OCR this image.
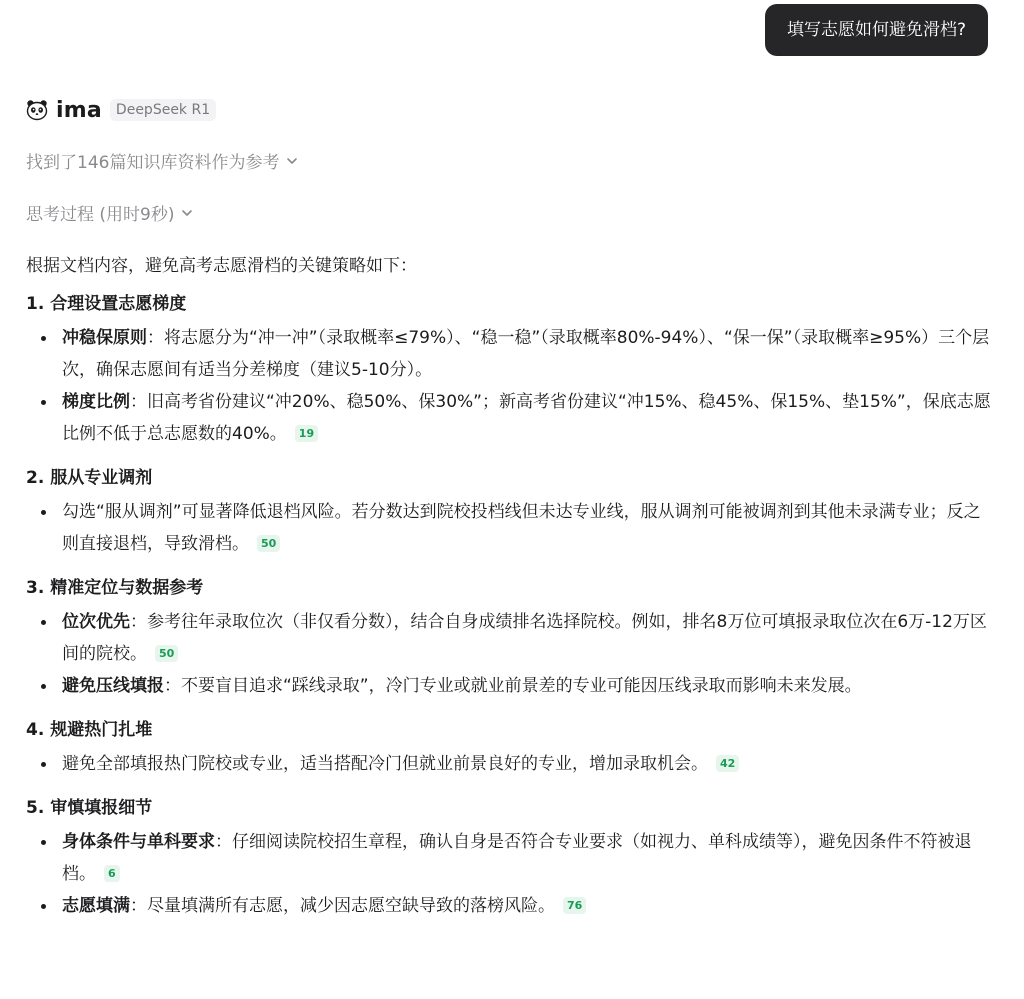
填写志愿如何避免滑档?
ima	DeepSeek R1
找到了146篇知识库资料作为参考
思考过程 (用时9秒)

根据文档内容，避免高考志愿滑档的关键策略如下：

1. 合理设置志愿梯度
冲稳保原则：将志愿分为“冲一冲”（录取概率≤79%）、“稳一稳”（录取概率80%-94%）、“保一保”（录取概率≥95%）三个层次，确保志愿间有适当分差梯度（建议5-10分）。
梯度比例：旧高考省份建议“冲20%、稳50%、保30%”；新高考省份建议“冲15%、稳45%、保15%、垫15%”，保底志愿比例不低于总志愿数的40%。 19
2. 服从专业调剂
勾选“服从调剂”可显著降低退档风险。若分数达到院校投档线但未达专业线，服从调剂可能被调剂到其他未录满专业；反之则直接退档，导致滑档。 50
3. 精准定位与数据参考
位次优先：参考往年录取位次（非仅看分数），结合自身成绩排名选择院校。例如，排名8万位可填报录取位次在6万-12万区间的院校。 50
避免压线填报：不要盲目追求“踩线录取”，冷门专业或就业前景差的专业可能因压线录取而影响未来发展。
4. 规避热门扎堆
避免全部填报热门院校或专业，适当搭配冷门但就业前景良好的专业，增加录取机会。 42
5. 审慎填报细节
身体条件与单科要求：仔细阅读院校招生章程，确认自身是否符合专业要求（如视力、单科成绩等），避免因条件不符被退档。 6
志愿填满：尽量填满所有志愿，减少因志愿空缺导致的落榜风险。 76
